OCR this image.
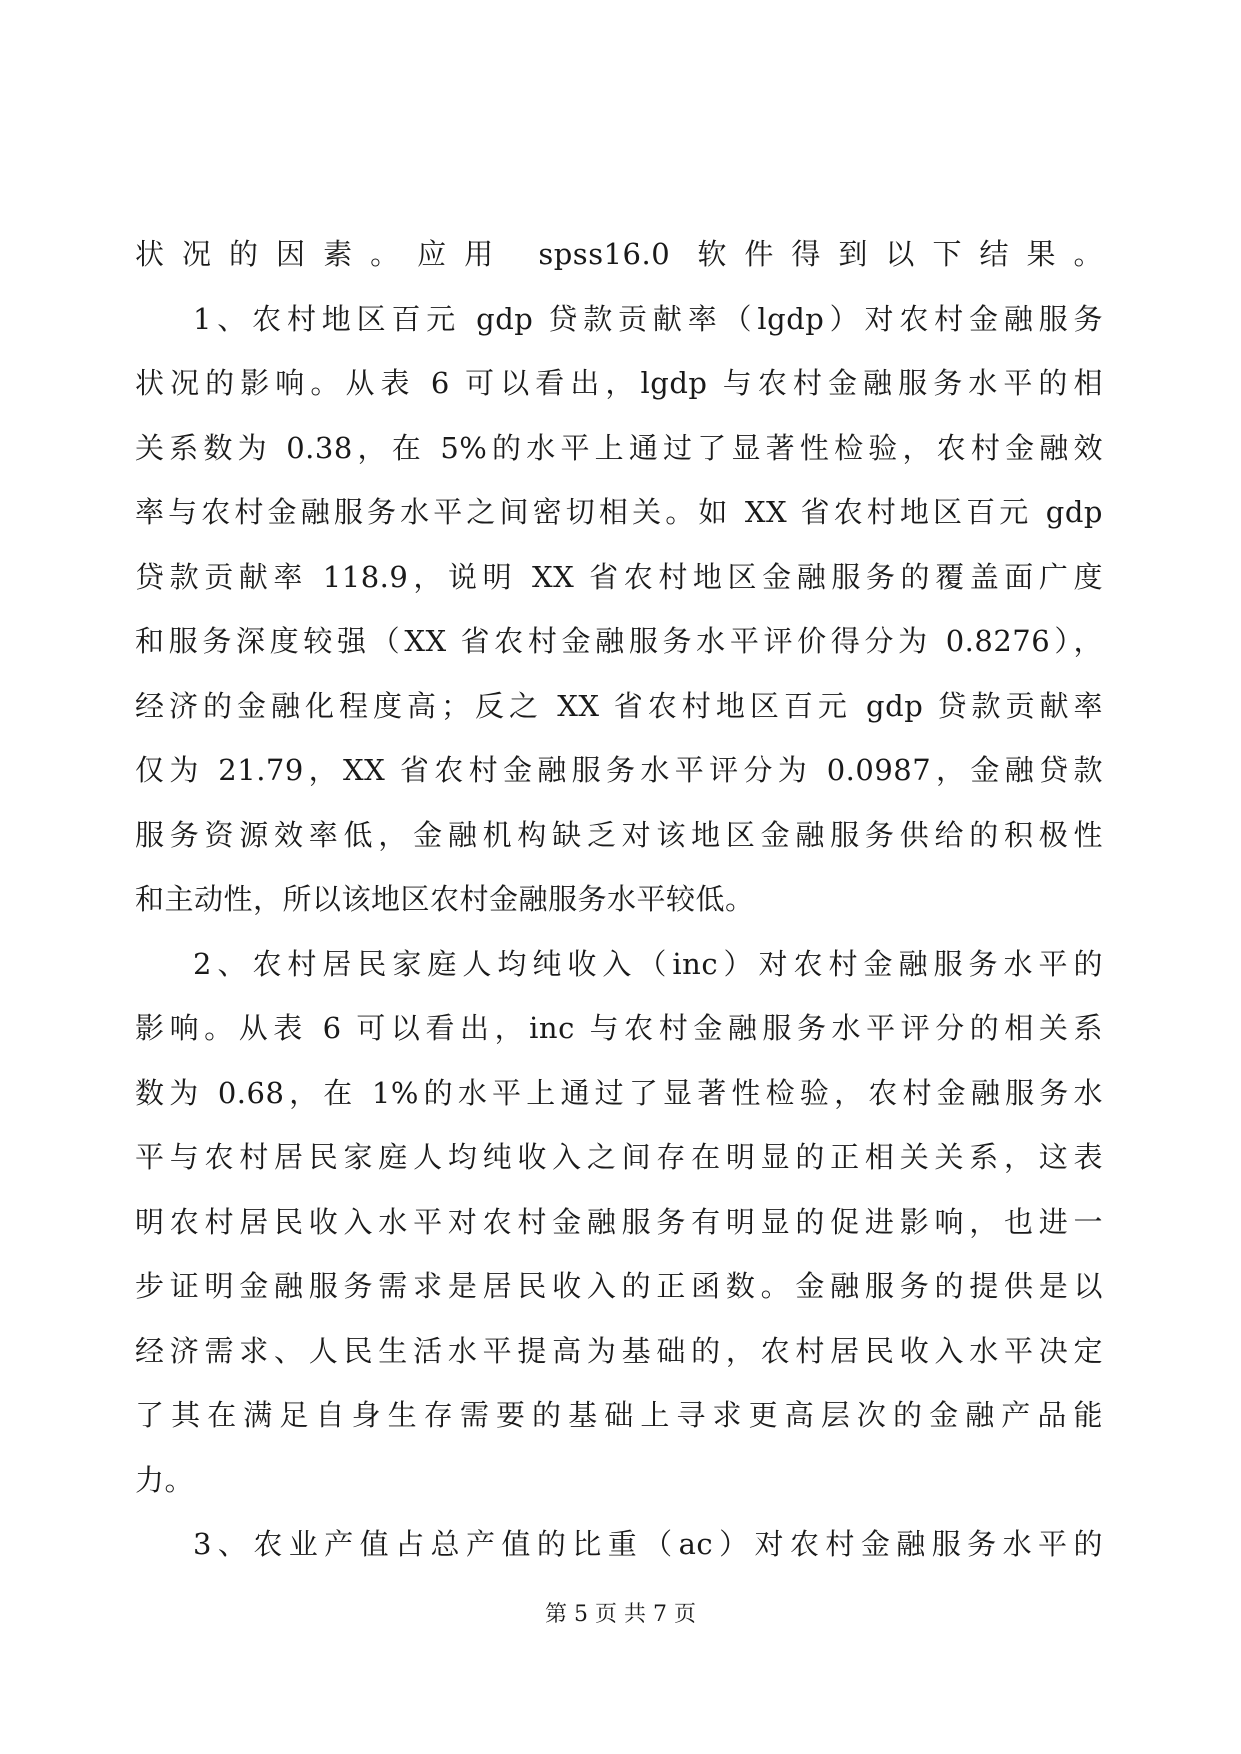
状况的因素。应用 spss16.0 软件得到以下结果。
1、农村地区百元 gdp 贷款贡献率（lgdp）对农村金融服务
状况的影响。从表 6 可以看出，lgdp 与农村金融服务水平的相
关系数为 0.38，在 5%的水平上通过了显著性检验，农村金融效
率与农村金融服务水平之间密切相关。如 XX 省农村地区百元 gdp
贷款贡献率 118.9，说明 XX 省农村地区金融服务的覆盖面广度
和服务深度较强（XX 省农村金融服务水平评价得分为 0.8276），
经济的金融化程度高；反之 XX 省农村地区百元 gdp 贷款贡献率
仅为 21.79，XX 省农村金融服务水平评分为 0.0987，金融贷款
服务资源效率低，金融机构缺乏对该地区金融服务供给的积极性
和主动性，所以该地区农村金融服务水平较低。
2、农村居民家庭人均纯收入（inc）对农村金融服务水平的
影响。从表 6 可以看出，inc 与农村金融服务水平评分的相关系
数为 0.68，在 1%的水平上通过了显著性检验，农村金融服务水
平与农村居民家庭人均纯收入之间存在明显的正相关关系，这表
明农村居民收入水平对农村金融服务有明显的促进影响，也进一
步证明金融服务需求是居民收入的正函数。金融服务的提供是以
经济需求、人民生活水平提高为基础的，农村居民收入水平决定
了其在满足自身生存需要的基础上寻求更高层次的金融产品能
力。
3、农业产值占总产值的比重（ac）对农村金融服务水平的
第 5 页 共 7 页
